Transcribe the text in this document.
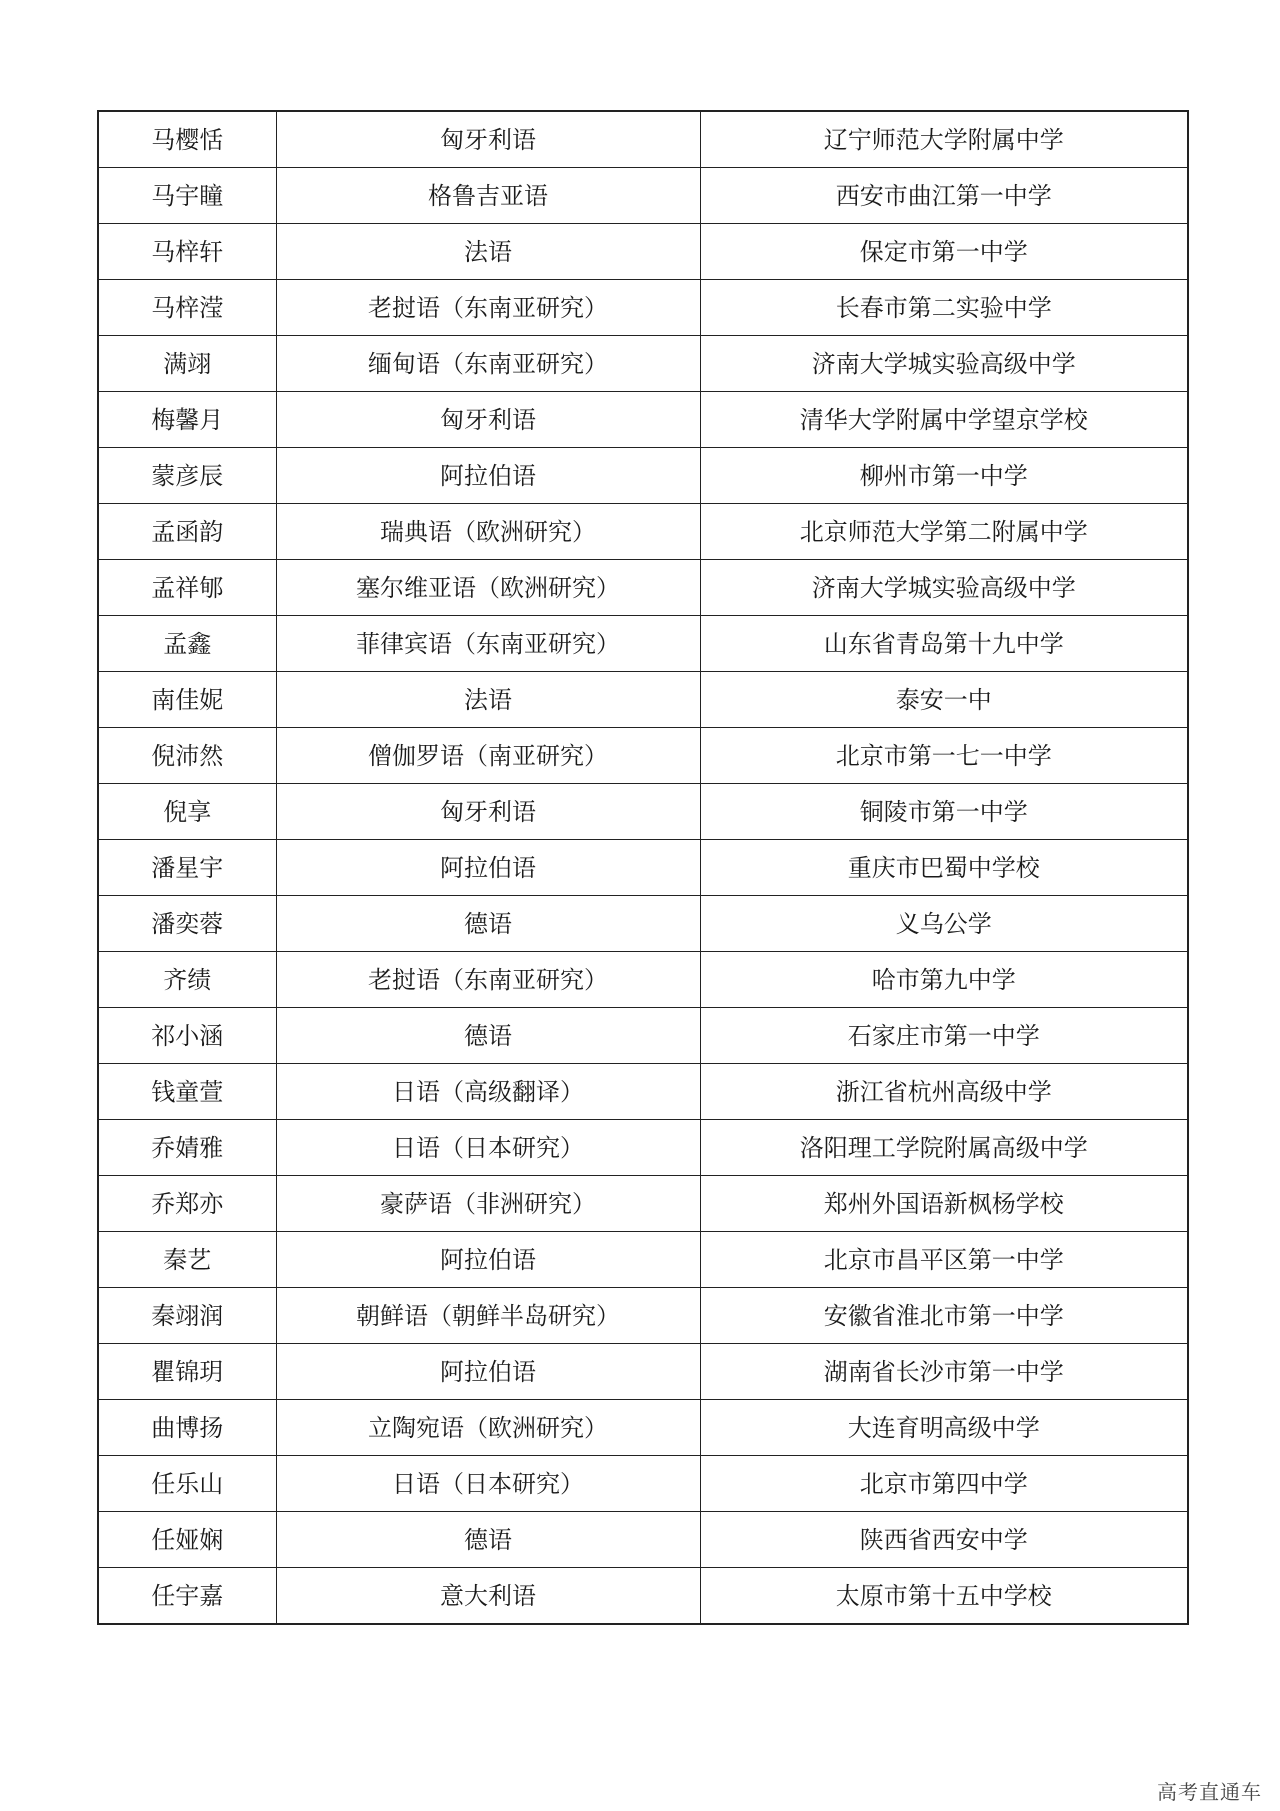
马樱恬	匈牙利语	辽宁师范大学附属中学
马宇瞳	格鲁吉亚语	西安市曲江第一中学
马梓轩	法语	保定市第一中学
马梓滢	老挝语（东南亚研究）	长春市第二实验中学
满翊	缅甸语（东南亚研究）	济南大学城实验高级中学
梅馨月	匈牙利语	清华大学附属中学望京学校
蒙彦辰	阿拉伯语	柳州市第一中学
孟函韵	瑞典语（欧洲研究）	北京师范大学第二附属中学
孟祥郇	塞尔维亚语（欧洲研究）	济南大学城实验高级中学
孟鑫	菲律宾语（东南亚研究）	山东省青岛第十九中学
南佳妮	法语	泰安一中
倪沛然	僧伽罗语（南亚研究）	北京市第一七一中学
倪享	匈牙利语	铜陵市第一中学
潘星宇	阿拉伯语	重庆市巴蜀中学校
潘奕蓉	德语	义乌公学
齐绩	老挝语（东南亚研究）	哈市第九中学
祁小涵	德语	石家庄市第一中学
钱童萱	日语（高级翻译）	浙江省杭州高级中学
乔婧雅	日语（日本研究）	洛阳理工学院附属高级中学
乔郑亦	豪萨语（非洲研究）	郑州外国语新枫杨学校
秦艺	阿拉伯语	北京市昌平区第一中学
秦翊润	朝鲜语（朝鲜半岛研究）	安徽省淮北市第一中学
瞿锦玥	阿拉伯语	湖南省长沙市第一中学
曲博扬	立陶宛语（欧洲研究）	大连育明高级中学
任乐山	日语（日本研究）	北京市第四中学
任娅娴	德语	陕西省西安中学
任宇嘉	意大利语	太原市第十五中学校
高考直通车
